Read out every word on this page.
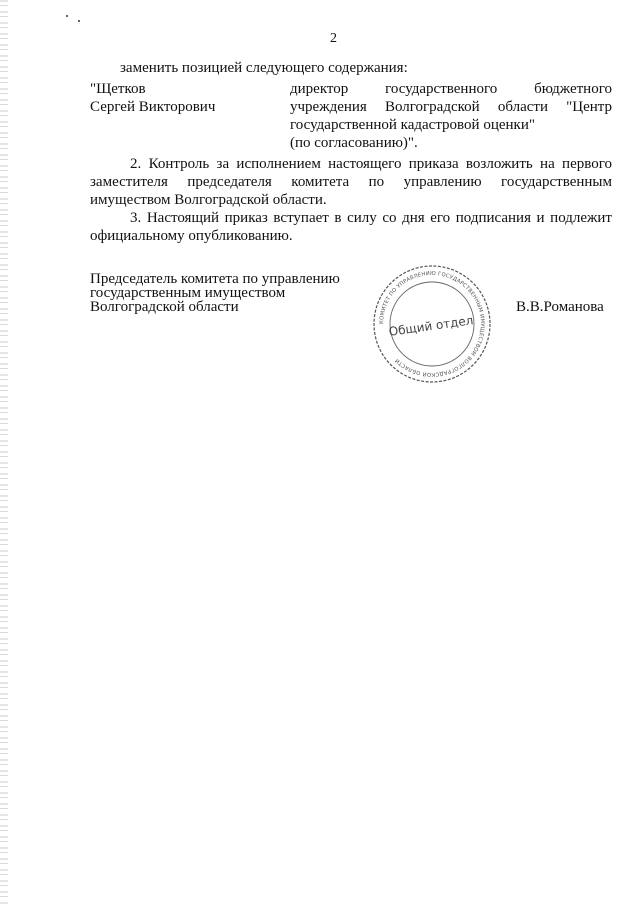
2
заменить позицией следующего содержания:
"Щетков
Сергей Викторович
директор государственного бюджетного
учреждения Волгоградской области "Центр
государственной кадастровой оценки"
(по согласованию)".
2. Контроль за исполнением настоящего приказа возложить на первого
заместителя председателя комитета по управлению государственным
имуществом Волгоградской области.
3. Настоящий приказ вступает в силу со дня его подписания и подлежит
официальному опубликованию.
Председатель комитета по управлению
государственным имуществом
Волгоградской области	В.В.Романова
КОМИТЕТ ПО УПРАВЛЕНИЮ ГОСУДАРСТВЕННЫМ ИМУЩЕСТВОМ ВОЛГОГРАДСКОЙ ОБЛАСТИ
Общий отдел
